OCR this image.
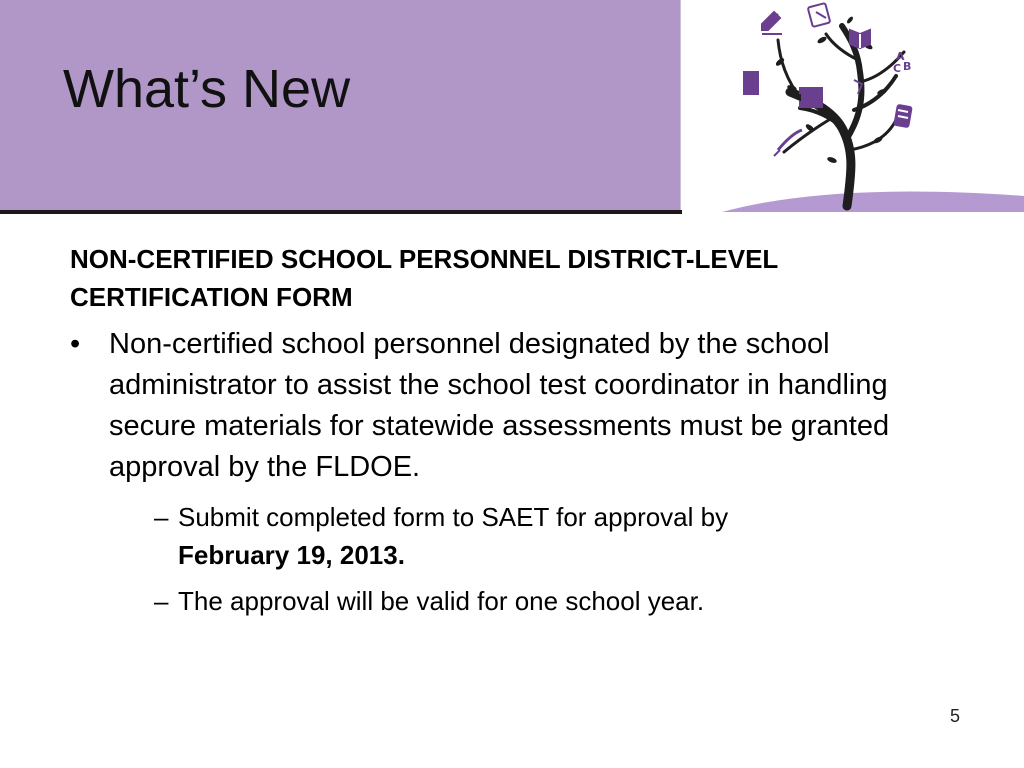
What’s New
A
C B

NON-CERTIFIED SCHOOL PERSONNEL DISTRICT-LEVEL CERTIFICATION FORM

• Non-certified school personnel designated by the school administrator to assist the school test coordinator in handling secure materials for statewide assessments must be granted approval by the FLDOE.

– Submit completed form to SAET for approval by
February 19, 2013.

– The approval will be valid for one school year.

5
